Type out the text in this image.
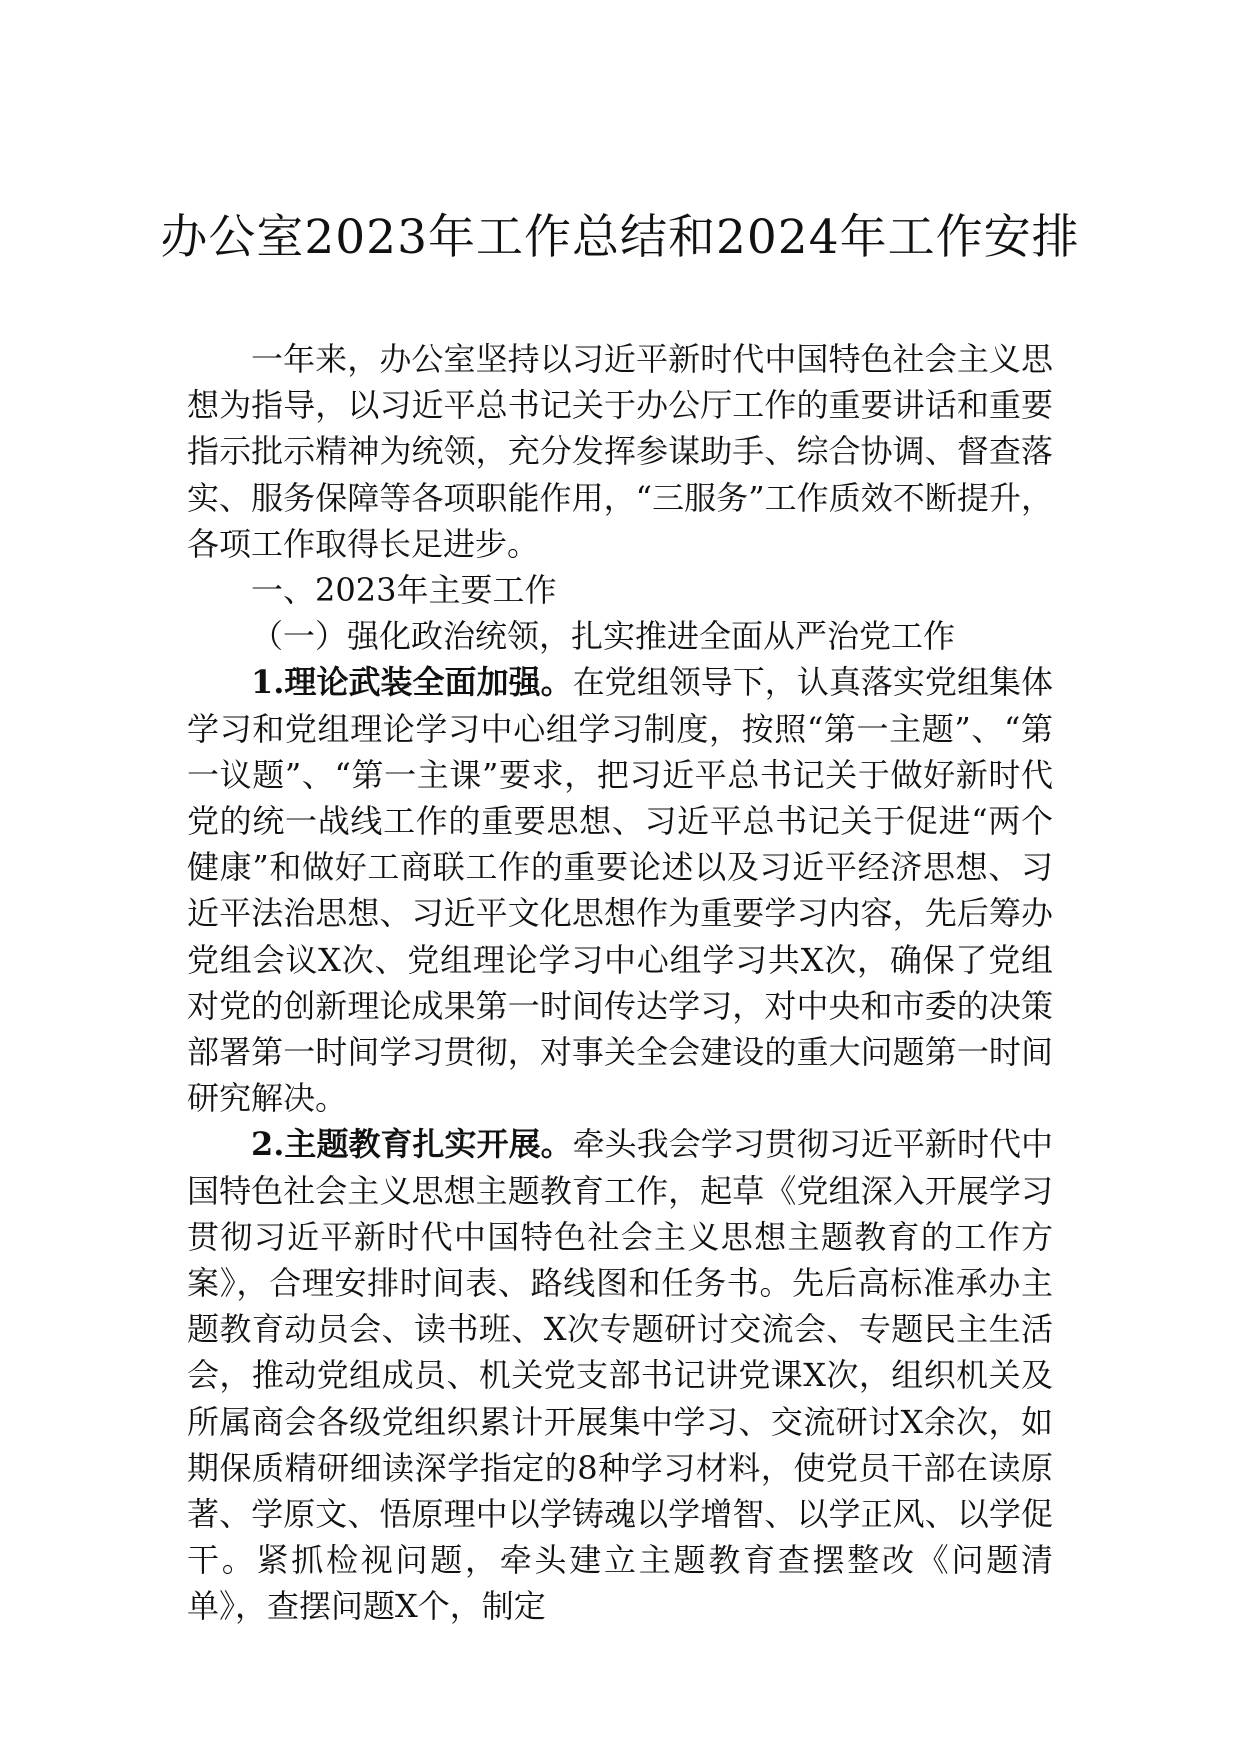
办公室2023年工作总结和2024年工作安排

一年来，办公室坚持以习近平新时代中国特色社会主义思想为指导，以习近平总书记关于办公厅工作的重要讲话和重要指示批示精神为统领，充分发挥参谋助手、综合协调、督查落实、服务保障等各项职能作用，“三服务”工作质效不断提升，各项工作取得长足进步。

一、2023年主要工作

（一）强化政治统领，扎实推进全面从严治党工作

1.理论武装全面加强。在党组领导下，认真落实党组集体学习和党组理论学习中心组学习制度，按照“第一主题”、“第一议题”、“第一主课”要求，把习近平总书记关于做好新时代党的统一战线工作的重要思想、习近平总书记关于促进“两个健康”和做好工商联工作的重要论述以及习近平经济思想、习近平法治思想、习近平文化思想作为重要学习内容，先后筹办党组会议X次、党组理论学习中心组学习共X次，确保了党组对党的创新理论成果第一时间传达学习，对中央和市委的决策部署第一时间学习贯彻，对事关全会建设的重大问题第一时间研究解决。

2.主题教育扎实开展。牵头我会学习贯彻习近平新时代中国特色社会主义思想主题教育工作，起草《党组深入开展学习贯彻习近平新时代中国特色社会主义思想主题教育的工作方案》，合理安排时间表、路线图和任务书。先后高标准承办主题教育动员会、读书班、X次专题研讨交流会、专题民主生活会，推动党组成员、机关党支部书记讲党课X次，组织机关及所属商会各级党组织累计开展集中学习、交流研讨X余次，如期保质精研细读深学指定的8种学习材料，使党员干部在读原著、学原文、悟原理中以学铸魂以学增智、以学正风、以学促干。紧抓检视问题，牵头建立主题教育查摆整改《问题清单》，查摆问题X个，制定
